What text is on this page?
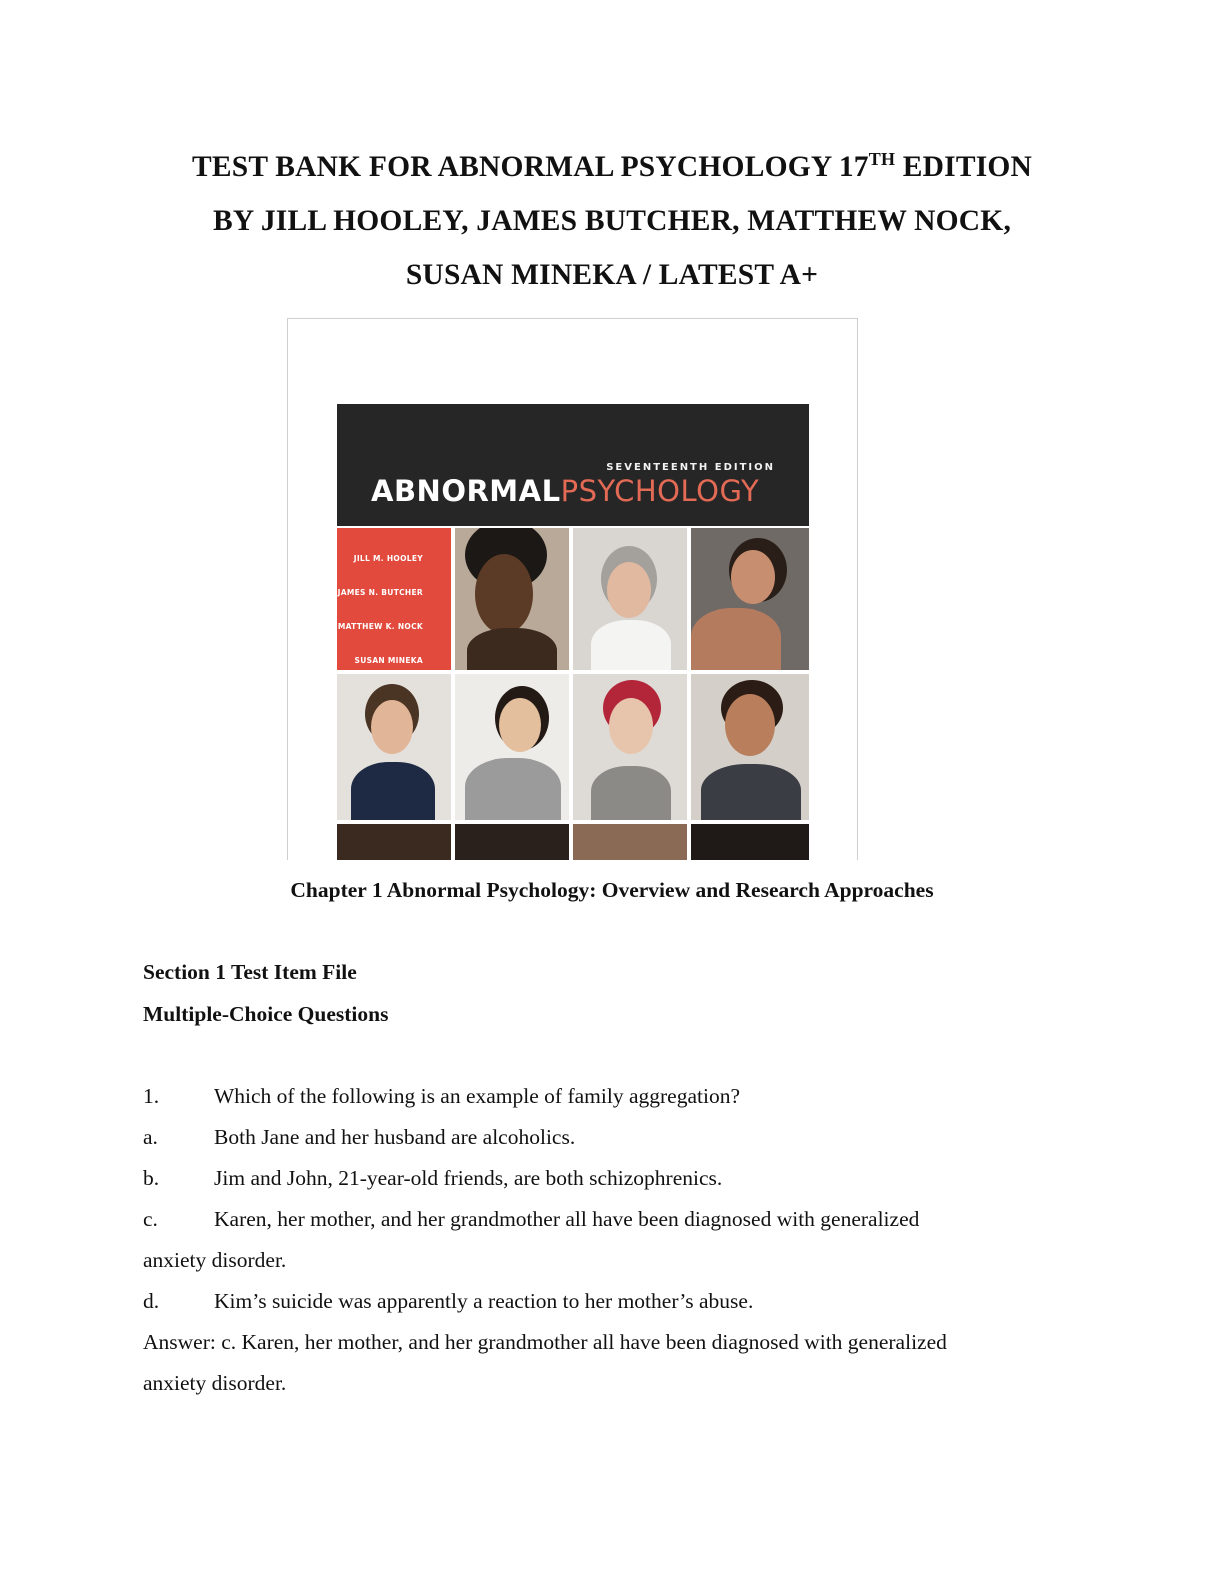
TEST BANK FOR ABNORMAL PSYCHOLOGY 17TH EDITION
BY JILL HOOLEY, JAMES BUTCHER, MATTHEW NOCK,
SUSAN MINEKA / LATEST A+
SEVENTEENTH EDITION
ABNORMALPSYCHOLOGY
JILL M. HOOLEY
JAMES N. BUTCHER
MATTHEW K. NOCK
SUSAN MINEKA
Chapter 1 Abnormal Psychology: Overview and Research Approaches
Section 1 Test Item File
Multiple-Choice Questions
1.	Which of the following is an example of family aggregation?
a.	Both Jane and her husband are alcoholics.
b.	Jim and John, 21-year-old friends, are both schizophrenics.
c.	Karen, her mother, and her grandmother all have been diagnosed with generalized
anxiety disorder.
d.	Kim’s suicide was apparently a reaction to her mother’s abuse.
Answer: c. Karen, her mother, and her grandmother all have been diagnosed with generalized
anxiety disorder.
